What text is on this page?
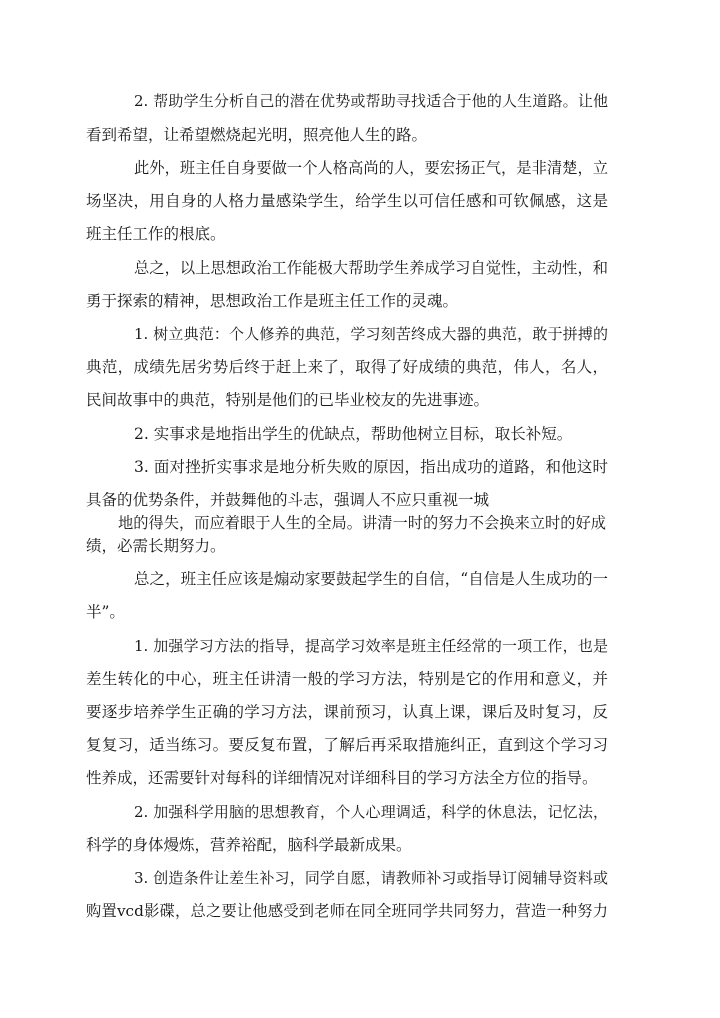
2. 帮助学生分析自己的潜在优势或帮助寻找适合于他的人生道路。让他
看到希望，让希望燃烧起光明，照亮他人生的路。
此外，班主任自身要做一个人格高尚的人，要宏扬正气，是非清楚，立
场坚决，用自身的人格力量感染学生，给学生以可信任感和可钦佩感，这是
班主任工作的根底。
总之，以上思想政治工作能极大帮助学生养成学习自觉性，主动性，和
勇于探索的精神，思想政治工作是班主任工作的灵魂。
1. 树立典范：个人修养的典范，学习刻苦终成大器的典范，敢于拼搏的
典范，成绩先居劣势后终于赶上来了，取得了好成绩的典范，伟人，名人，
民间故事中的典范，特别是他们的已毕业校友的先进事迹。
2. 实事求是地指出学生的优缺点，帮助他树立目标，取长补短。
3. 面对挫折实事求是地分析失败的原因，指出成功的道路，和他这时
具备的优势条件，并鼓舞他的斗志，强调人不应只重视一城
地的得失，而应着眼于人生的全局。讲清一时的努力不会换来立时的好成
绩，必需长期努力。
总之，班主任应该是煽动家要鼓起学生的自信，“自信是人生成功的一
半”。
1. 加强学习方法的指导，提高学习效率是班主任经常的一项工作，也是
差生转化的中心，班主任讲清一般的学习方法，特别是它的作用和意义，并
要逐步培养学生正确的学习方法，课前预习，认真上课，课后及时复习，反
复复习，适当练习。要反复布置，了解后再采取措施纠正，直到这个学习习
性养成，还需要针对每科的详细情况对详细科目的学习方法全方位的指导。
2. 加强科学用脑的思想教育，个人心理调适，科学的休息法，记忆法，
科学的身体熳炼，营养裕配，脑科学最新成果。
3. 创造条件让差生补习，同学自愿，请教师补习或指导订阅辅导资料或
购置vcd影碟，总之要让他感受到老师在同全班同学共同努力，营造一种努力
